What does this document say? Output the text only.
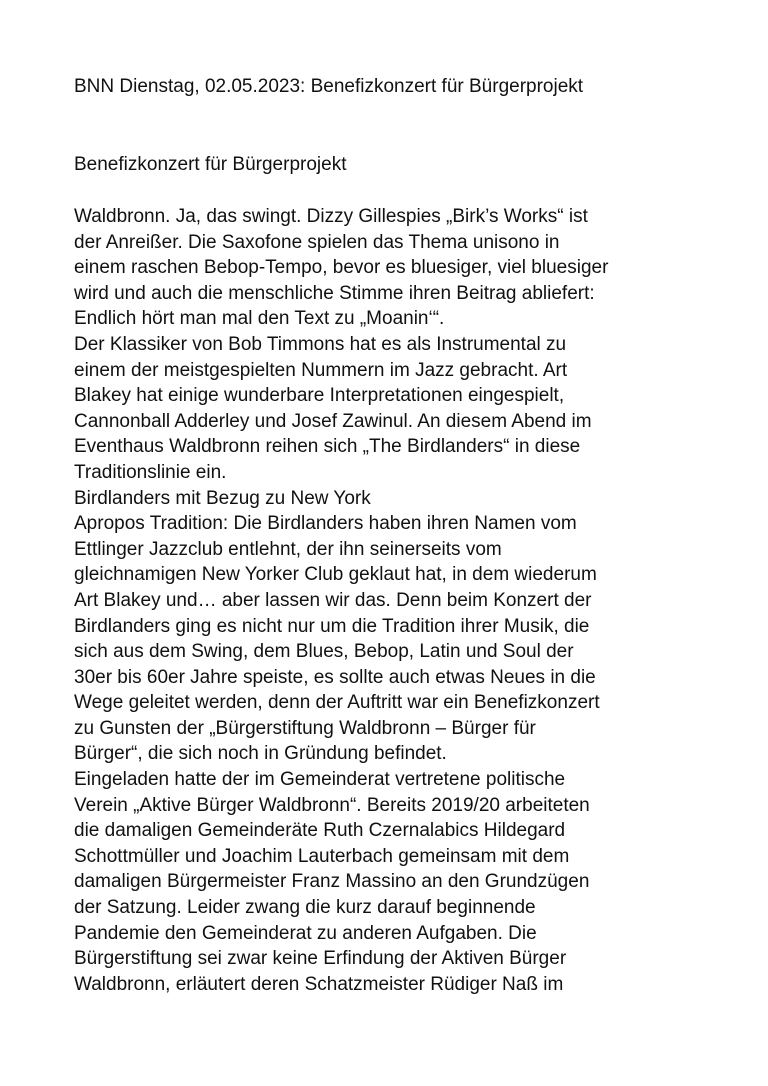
BNN Dienstag, 02.05.2023: Benefizkonzert für Bürgerprojekt

Benefizkonzert für Bürgerprojekt

Waldbronn. Ja, das swingt. Dizzy Gillespies „Birk’s Works“ ist
der Anreißer. Die Saxofone spielen das Thema unisono in
einem raschen Bebop-Tempo, bevor es bluesiger, viel bluesiger
wird und auch die menschliche Stimme ihren Beitrag abliefert:
Endlich hört man mal den Text zu „Moanin‘“.
Der Klassiker von Bob Timmons hat es als Instrumental zu
einem der meistgespielten Nummern im Jazz gebracht. Art
Blakey hat einige wunderbare Interpretationen eingespielt,
Cannonball Adderley und Josef Zawinul. An diesem Abend im
Eventhaus Waldbronn reihen sich „The Birdlanders“ in diese
Traditionslinie ein.
Birdlanders mit Bezug zu New York
Apropos Tradition: Die Birdlanders haben ihren Namen vom
Ettlinger Jazzclub entlehnt, der ihn seinerseits vom
gleichnamigen New Yorker Club geklaut hat, in dem wiederum
Art Blakey und… aber lassen wir das. Denn beim Konzert der
Birdlanders ging es nicht nur um die Tradition ihrer Musik, die
sich aus dem Swing, dem Blues, Bebop, Latin und Soul der
30er bis 60er Jahre speiste, es sollte auch etwas Neues in die
Wege geleitet werden, denn der Auftritt war ein Benefizkonzert
zu Gunsten der „Bürgerstiftung Waldbronn – Bürger für
Bürger“, die sich noch in Gründung befindet.
Eingeladen hatte der im Gemeinderat vertretene politische
Verein „Aktive Bürger Waldbronn“. Bereits 2019/20 arbeiteten
die damaligen Gemeinderäte Ruth Czernalabics Hildegard
Schottmüller und Joachim Lauterbach gemeinsam mit dem
damaligen Bürgermeister Franz Massino an den Grundzügen
der Satzung. Leider zwang die kurz darauf beginnende
Pandemie den Gemeinderat zu anderen Aufgaben. Die
Bürgerstiftung sei zwar keine Erfindung der Aktiven Bürger
Waldbronn, erläutert deren Schatzmeister Rüdiger Naß im
